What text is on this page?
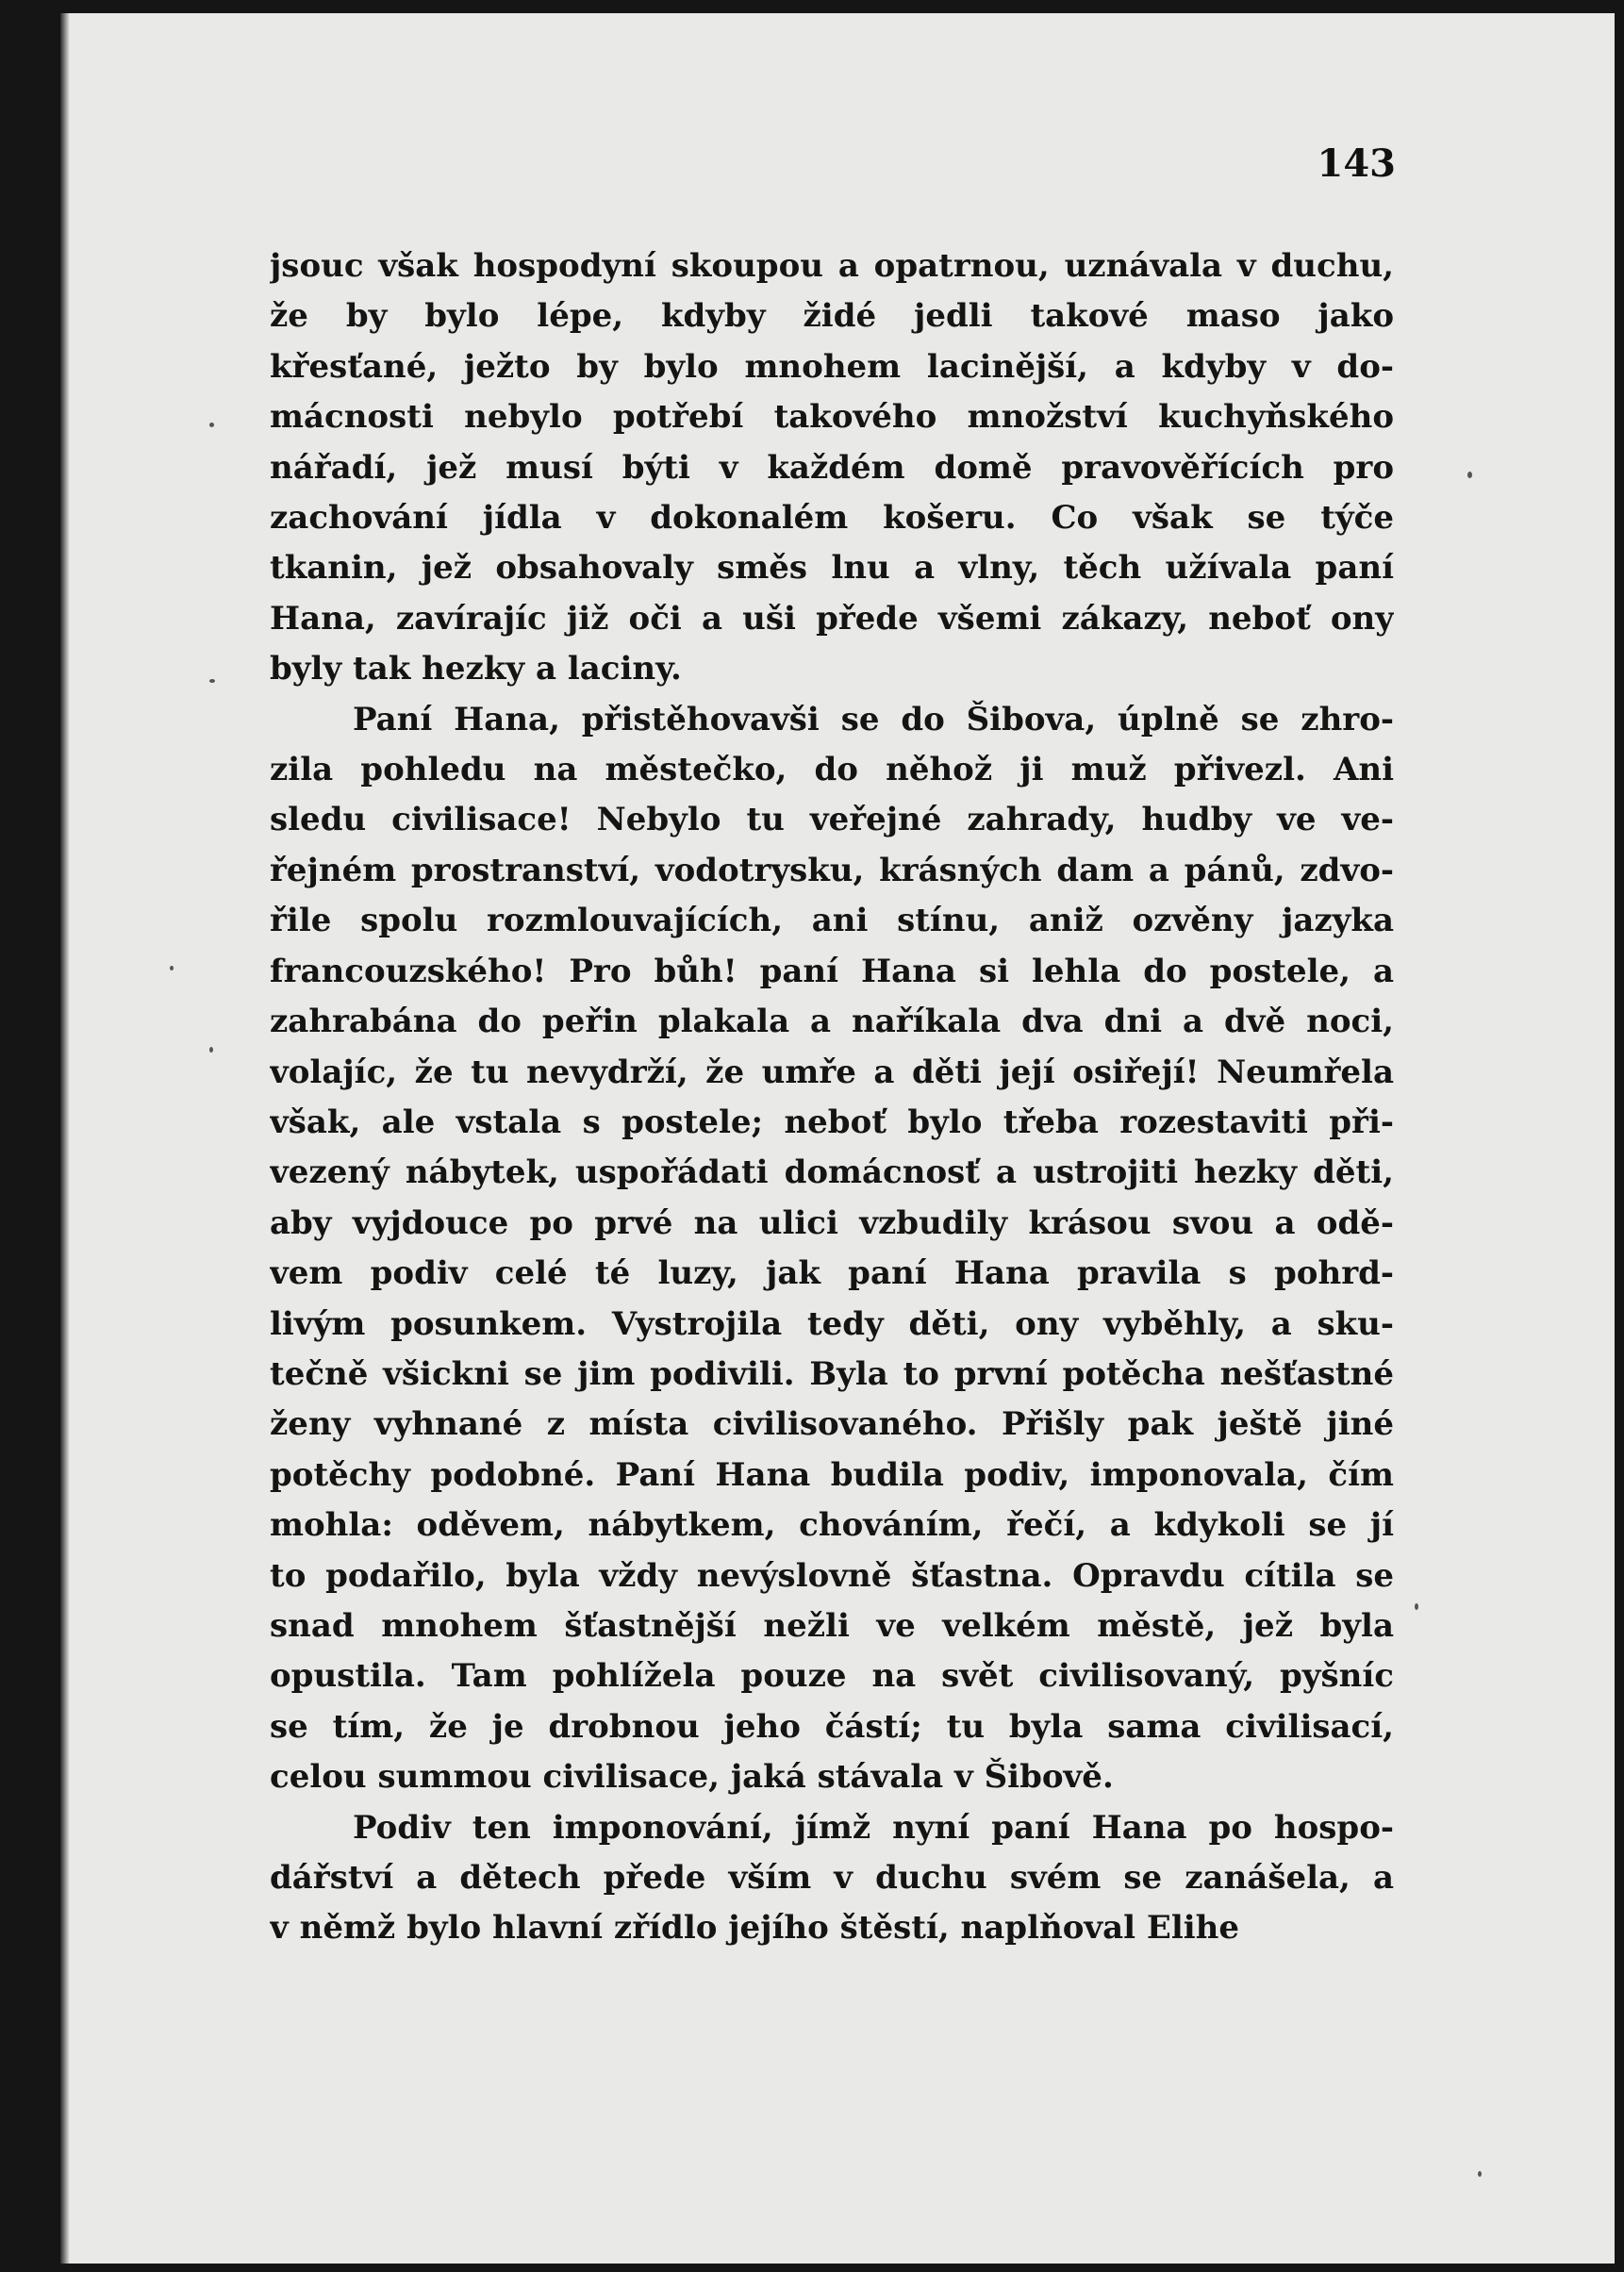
143

jsouc však hospodyní skoupou a opatrnou, uznávala v duchu,
že by bylo lépe, kdyby židé jedli takové maso jako
křesťané, ježto by bylo mnohem lacinější, a kdyby v do-
mácnosti nebylo potřebí takového množství kuchyňského
nářadí, jež musí býti v každém domě pravověřících pro
zachování jídla v dokonalém košeru. Co však se týče
tkanin, jež obsahovaly směs lnu a vlny, těch užívala paní
Hana, zavírajíc již oči a uši přede všemi zákazy, neboť ony
byly tak hezky a laciny.

Paní Hana, přistěhovavši se do Šibova, úplně se zhro-
zila pohledu na městečko, do něhož ji muž přivezl. Ani
sledu civilisace! Nebylo tu veřejné zahrady, hudby ve ve-
řejném prostranství, vodotrysku, krásných dam a pánů, zdvo-
řile spolu rozmlouvajících, ani stínu, aniž ozvěny jazyka
francouzského! Pro bůh! paní Hana si lehla do postele, a
zahrabána do peřin plakala a naříkala dva dni a dvě noci,
volajíc, že tu nevydrží, že umře a děti její osiřejí! Neumřela
však, ale vstala s postele; neboť bylo třeba rozestaviti při-
vezený nábytek, uspořádati domácnosť a ustrojiti hezky děti,
aby vyjdouce po prvé na ulici vzbudily krásou svou a odě-
vem podiv celé té luzy, jak paní Hana pravila s pohrd-
livým posunkem. Vystrojila tedy děti, ony vyběhly, a sku-
tečně všickni se jim podivili. Byla to první potěcha nešťastné
ženy vyhnané z místa civilisovaného. Přišly pak ještě jiné
potěchy podobné. Paní Hana budila podiv, imponovala, čím
mohla: oděvem, nábytkem, chováním, řečí, a kdykoli se jí
to podařilo, byla vždy nevýslovně šťastna. Opravdu cítila se
snad mnohem šťastnější nežli ve velkém městě, jež byla
opustila. Tam pohlížela pouze na svět civilisovaný, pyšníc
se tím, že je drobnou jeho částí; tu byla sama civilisací,
celou summou civilisace, jaká stávala v Šibově.

Podiv ten imponování, jímž nyní paní Hana po hospo-
dářství a dětech přede vším v duchu svém se zanášela, a
v němž bylo hlavní zřídlo jejího štěstí, naplňoval Elihe
